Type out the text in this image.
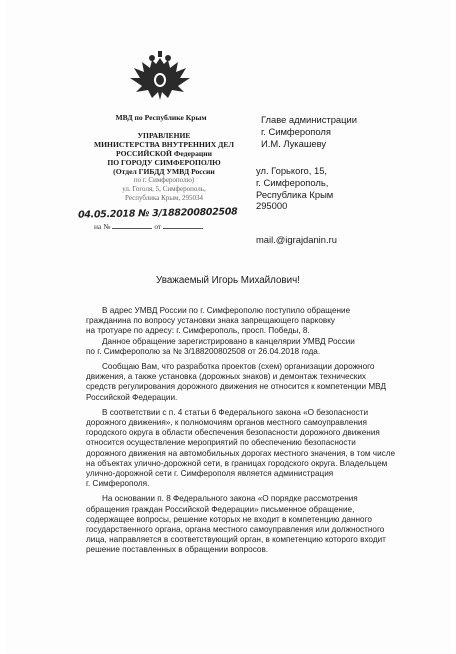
МВД по Республике Крым
УПРАВЛЕНИЕ
МИНИСТЕРСТВА ВНУТРЕННИХ ДЕЛ
РОССИЙСКОЙ Федерации
ПО ГОРОДУ СИМФЕРОПОЛЮ
(Отдел ГИБДД УМВД России
по г. Симферополю)
ул. Гоголя, 5, Симферополь,
Республика Крым, 295034
04.05.2018 № 3/188200802508
на №	от
Главе администрации
г. Симферополя
И.М. Лукашеву
ул. Горького, 15,
г. Симферополь,
Республика Крым
295000
mail.@igrajdanin.ru
Уважаемый Игорь Михайлович!
В адрес УМВД России по г. Симферополю поступило обращение
гражданина по вопросу установки знака запрещающего парковку
на тротуаре по адресу: г. Симферополь, просп. Победы, 8.
Данное обращение зарегистрировано в канцелярии УМВД России
по г. Симферополю за № 3/188200802508 от 26.04.2018 года.
Сообщаю Вам, что разработка проектов (схем) организации дорожного
движения, а также установка (дорожных знаков) и демонтаж технических
средств регулирования дорожного движения не относится к компетенции МВД
Российской Федерации.
В соответствии с п. 4 статьи 6 Федерального закона «О безопасности
дорожного движения», к полномочиям органов местного самоуправления
городского округа в области обеспечения безопасности дорожного движения
относится осуществление мероприятий по обеспечению безопасности
дорожного движения на автомобильных дорогах местного значения, в том числе
на объектах улично-дорожной сети, в границах городского округа. Владельцем
улично-дорожной сети г. Симферополя является администрация
г. Симферополя.
На основании п. 8 Федерального закона «О порядке рассмотрения
обращения граждан Российской Федерации» письменное обращение,
содержащее вопросы, решение которых не входит в компетенцию данного
государственного органа, органа местного самоуправления или должностного
лица, направляется в соответствующий орган, в компетенцию которого входит
решение поставленных в обращении вопросов.
